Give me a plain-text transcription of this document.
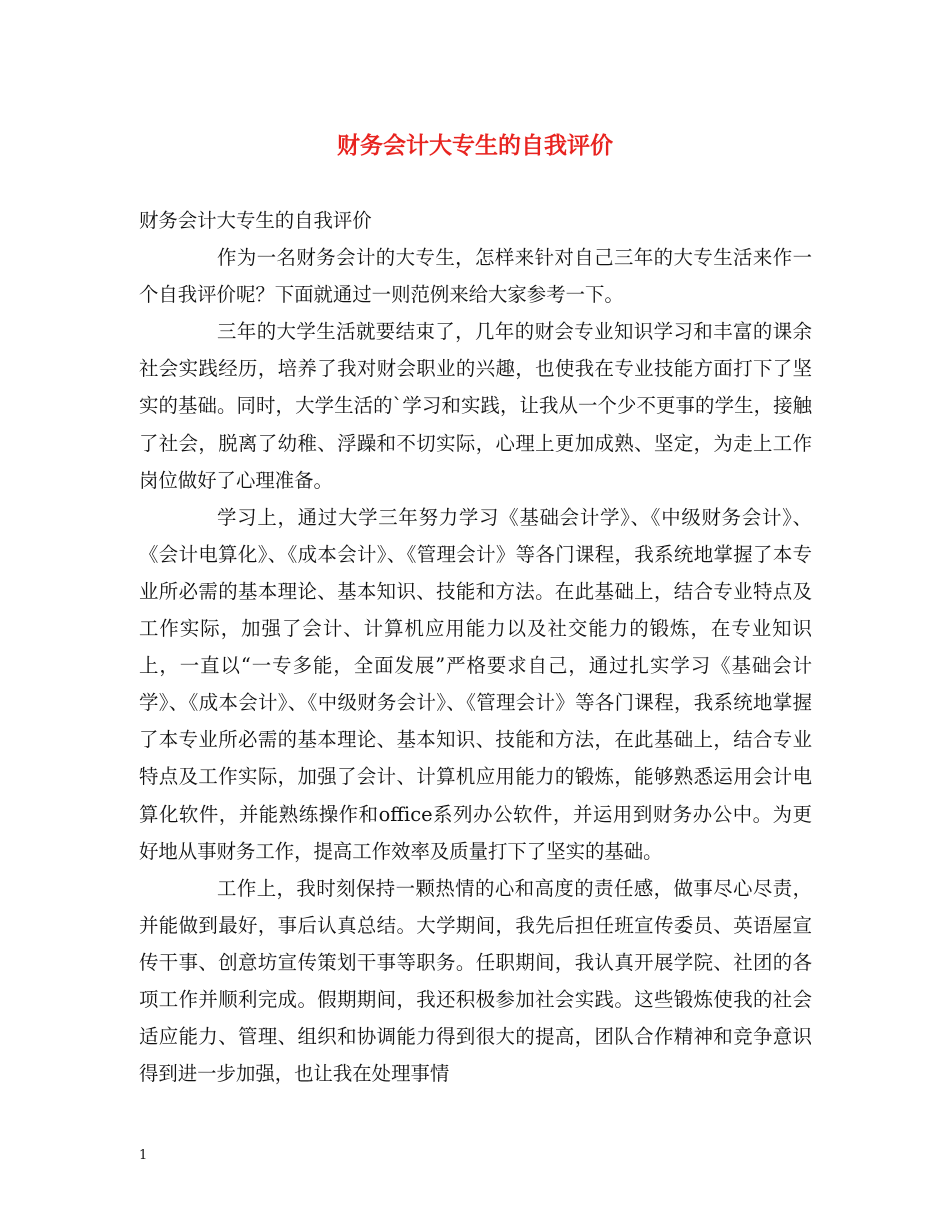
财务会计大专生的自我评价

财务会计大专生的自我评价

作为一名财务会计的大专生，怎样来针对自己三年的大专生活来作一个自我评价呢？下面就通过一则范例来给大家参考一下。

三年的大学生活就要结束了，几年的财会专业知识学习和丰富的课余社会实践经历，培养了我对财会职业的兴趣，也使我在专业技能方面打下了坚实的基础。同时，大学生活的`学习和实践，让我从一个少不更事的学生，接触了社会，脱离了幼稚、浮躁和不切实际，心理上更加成熟、坚定，为走上工作岗位做好了心理准备。

学习上，通过大学三年努力学习《基础会计学》、《中级财务会计》、《会计电算化》、《成本会计》、《管理会计》等各门课程，我系统地掌握了本专业所必需的基本理论、基本知识、技能和方法。在此基础上，结合专业特点及工作实际，加强了会计、计算机应用能力以及社交能力的锻炼，在专业知识上，一直以“一专多能，全面发展”严格要求自己，通过扎实学习《基础会计学》、《成本会计》、《中级财务会计》、《管理会计》等各门课程，我系统地掌握了本专业所必需的基本理论、基本知识、技能和方法，在此基础上，结合专业特点及工作实际，加强了会计、计算机应用能力的锻炼，能够熟悉运用会计电算化软件，并能熟练操作和office系列办公软件，并运用到财务办公中。为更好地从事财务工作，提高工作效率及质量打下了坚实的基础。

工作上，我时刻保持一颗热情的心和高度的责任感，做事尽心尽责，并能做到最好，事后认真总结。大学期间，我先后担任班宣传委员、英语屋宣传干事、创意坊宣传策划干事等职务。任职期间，我认真开展学院、社团的各项工作并顺利完成。假期期间，我还积极参加社会实践。这些锻炼使我的社会适应能力、管理、组织和协调能力得到很大的提高，团队合作精神和竞争意识得到进一步加强，也让我在处理事情

1
